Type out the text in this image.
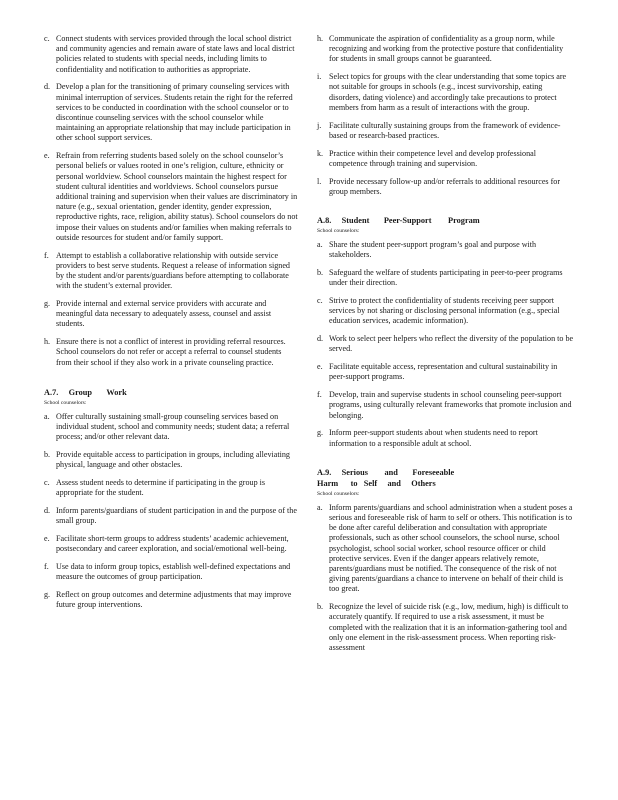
c. Connect students with services provided through the local school district and community agencies and remain aware of state laws and local district policies related to students with special needs, including limits to confidentiality and notification to authorities as appropriate.
d. Develop a plan for the transitioning of primary counseling services with minimal interruption of services. Students retain the right for the referred services to be conducted in coordination with the school counselor or to discontinue counseling services with the school counselor while maintaining an appropriate relationship that may include participation in other school support services.
e. Refrain from referring students based solely on the school counselor’s personal beliefs or values rooted in one’s religion, culture, ethnicity or personal worldview. School counselors maintain the highest respect for student cultural identities and worldviews. School counselors pursue additional training and supervision when their values are discriminatory in nature (e.g., sexual orientation, gender identity, gender expression, reproductive rights, race, religion, ability status). School counselors do not impose their values on students and/or families when making referrals to outside resources for student and/or family support.
f. Attempt to establish a collaborative relationship with outside service providers to best serve students. Request a release of information signed by the student and/or parents/guardians before attempting to collaborate with the student’s external provider.
g. Provide internal and external service providers with accurate and meaningful data necessary to adequately assess, counsel and assist students.
h. Ensure there is not a conflict of interest in providing referral resources. School counselors do not refer or accept a referral to counsel students from their school if they also work in a private counseling practice.
A.7.     Group       Work
School counselors:
a. Offer culturally sustaining small-group counseling services based on individual student, school and community needs; student data; a referral process; and/or other relevant data.
b. Provide equitable access to participation in groups, including alleviating physical, language and other obstacles.
c. Assess student needs to determine if participating in the group is appropriate for the student.
d. Inform parents/guardians of student participation in and the purpose of the small group.
e. Facilitate short-term groups to address students’ academic achievement, postsecondary and career exploration, and social/emotional well-being.
f. Use data to inform group topics, establish well-defined expectations and measure the outcomes of group participation.
g. Reflect on group outcomes and determine adjustments that may improve future group interventions.
h. Communicate the aspiration of confidentiality as a group norm, while recognizing and working from the protective posture that confidentiality for students in small groups cannot be guaranteed.
i. Select topics for groups with the clear understanding that some topics are not suitable for groups in schools (e.g., incest survivorship, eating disorders, dating violence) and accordingly take precautions to protect members from harm as a result of interactions with the group.
j. Facilitate culturally sustaining groups from the framework of evidence-based or research-based practices.
k. Practice within their competence level and develop professional competence through training and supervision.
l. Provide necessary follow-up and/or referrals to additional resources for group members.
A.8.     Student       Peer-Support        Program
School counselors:
a. Share the student peer-support program’s goal and purpose with stakeholders.
b. Safeguard the welfare of students participating in peer-to-peer programs under their direction.
c. Strive to protect the confidentiality of students receiving peer support services by not sharing or disclosing personal information (e.g., special education services, academic information).
d. Work to select peer helpers who reflect the diversity of the population to be served.
e. Facilitate equitable access, representation and cultural sustainability in peer-support programs.
f. Develop, train and supervise students in school counseling peer-support programs, using culturally relevant frameworks that promote inclusion and belonging.
g. Inform peer-support students about when students need to report information to a responsible adult at school.
A.9.     Serious        and       Foreseeable
Harm      to   Self     and     Others
School counselors:
a. Inform parents/guardians and school administration when a student poses a serious and foreseeable risk of harm to self or others. This notification is to be done after careful deliberation and consultation with appropriate professionals, such as other school counselors, the school nurse, school psychologist, school social worker, school resource officer or child protective services. Even if the danger appears relatively remote, parents/guardians must be notified. The consequence of the risk of not giving parents/guardians a chance to intervene on behalf of their child is too great.
b. Recognize the level of suicide risk (e.g., low, medium, high) is difficult to accurately quantify. If required to use a risk assessment, it must be completed with the realization that it is an information-gathering tool and only one element in the risk-assessment process. When reporting risk-assessment
